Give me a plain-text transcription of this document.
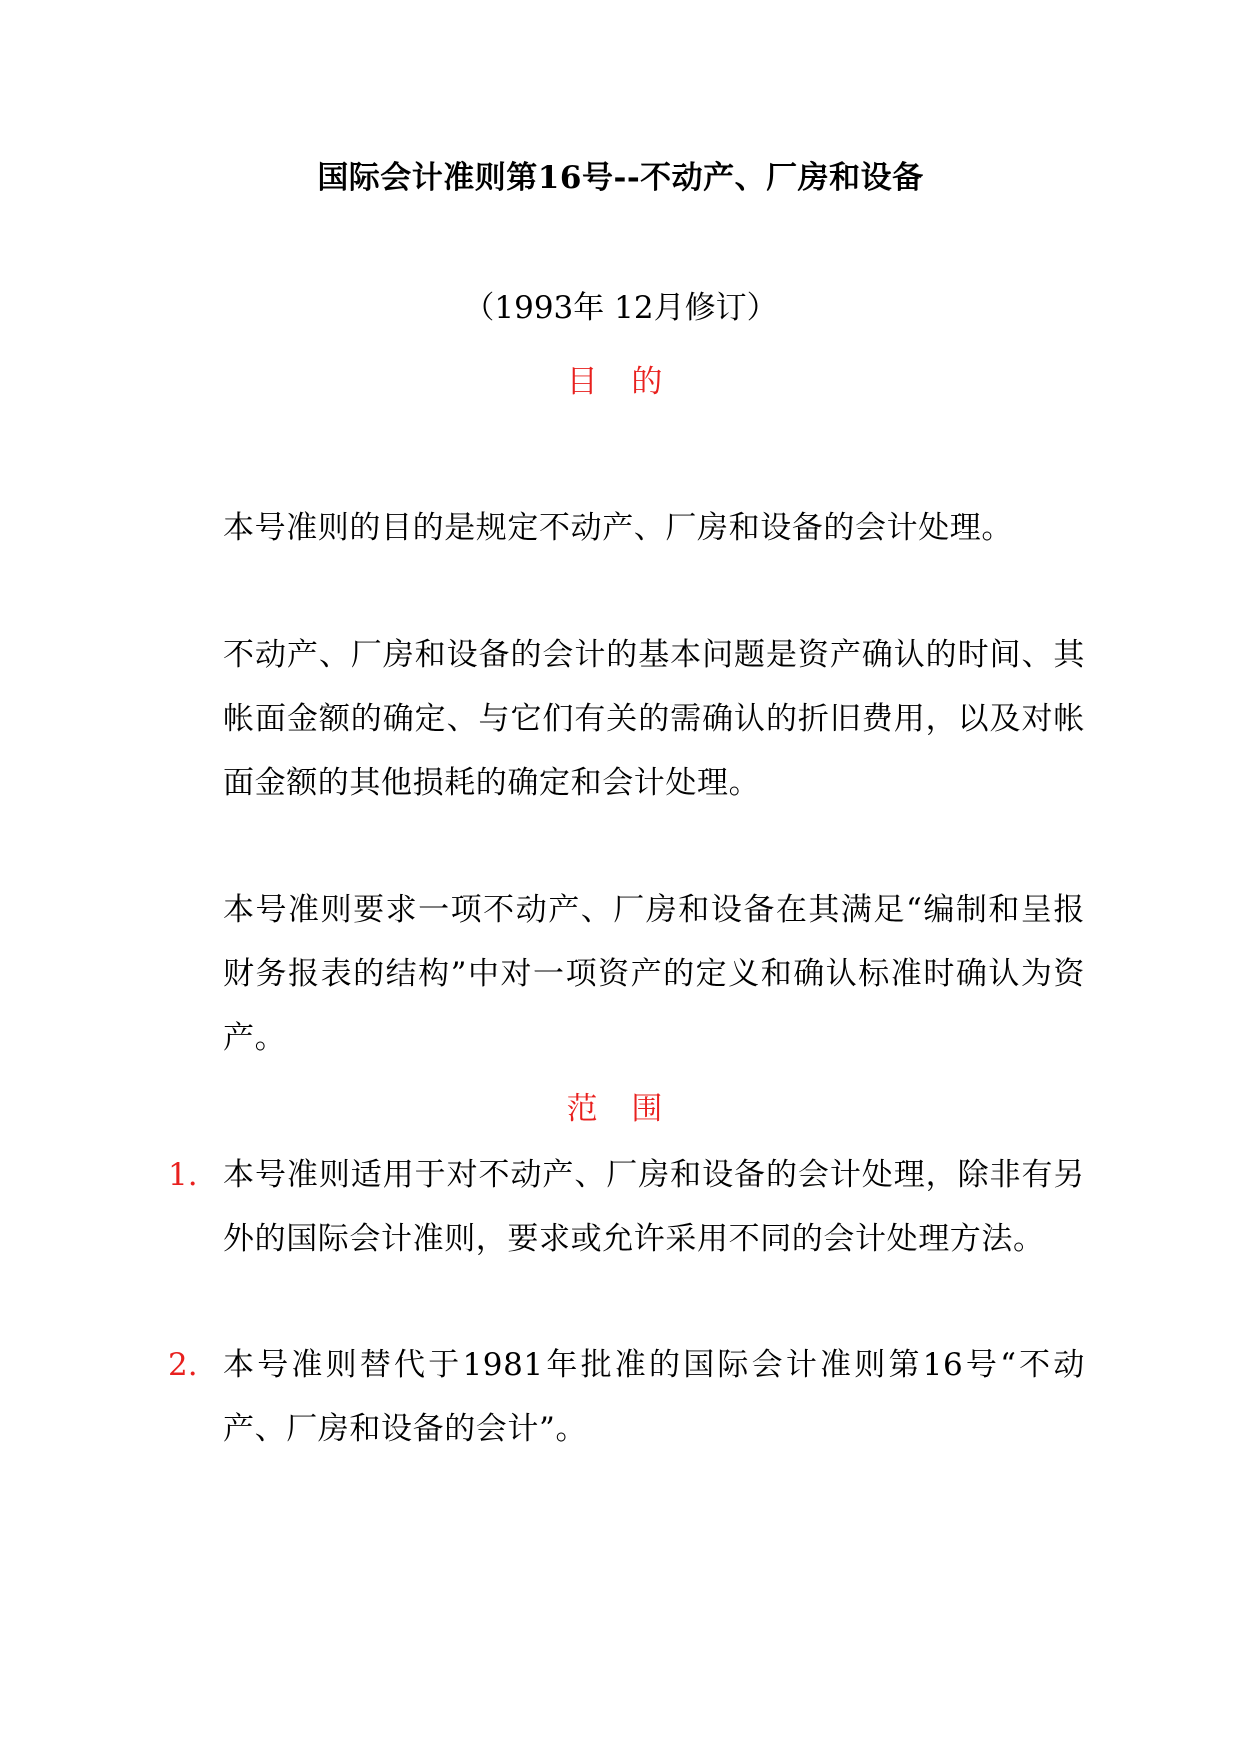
国际会计准则第16号--不动产、厂房和设备
（1993年 12月修订）
目 的
本号准则的目的是规定不动产、厂房和设备的会计处理。
不动产、厂房和设备的会计的基本问题是资产确认的时间、其帐面金额的确定、与它们有关的需确认的折旧费用，以及对帐面金额的其他损耗的确定和会计处理。
本号准则要求一项不动产、厂房和设备在其满足“编制和呈报财务报表的结构”中对一项资产的定义和确认标准时确认为资产。
范 围
1. 本号准则适用于对不动产、厂房和设备的会计处理，除非有另外的国际会计准则，要求或允许采用不同的会计处理方法。
2. 本号准则替代于1981年批准的国际会计准则第16号“不动产、厂房和设备的会计”。
